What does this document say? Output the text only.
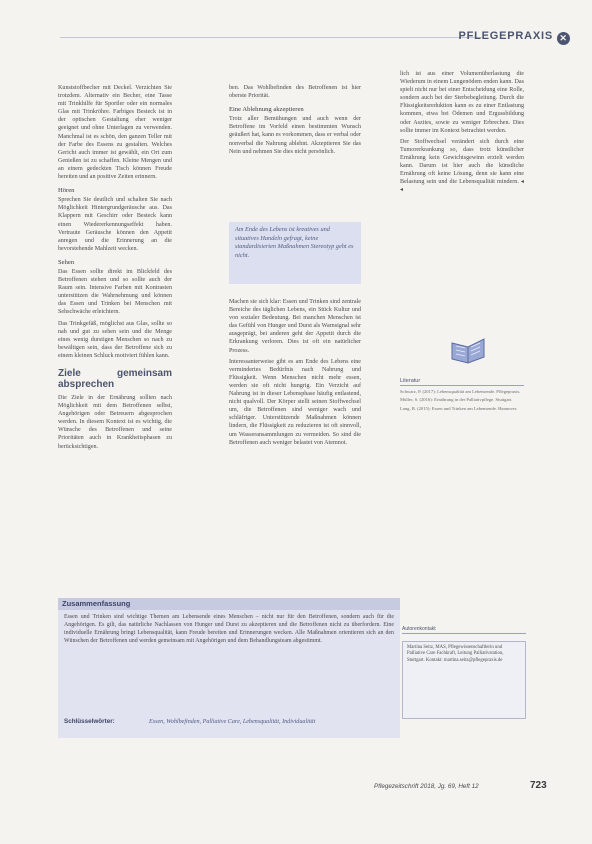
PFLEGEPRAXIS ✕

Kunststoffbecher mit Deckel. Verzichten Sie trotzdem. Alternativ ein Becher, eine Tasse mit Trinkhilfe für Sportler oder ein normales Glas mit Trinkröhre. Farbiges Besteck ist in der optischen Gestaltung eher weniger geeignet und ohne Unterlagen zu verwenden. Manchmal ist es schön, den ganzen Teller mit der Farbe des Essens zu gestalten. Welches Gericht auch immer ist gewählt, ein Ort zum Genießen ist zu schaffen. Kleine Mengen und an einem gedeckten Tisch können Freude bereiten und an positive Zeiten erinnern.

Hören

Sprechen Sie deutlich und schalten Sie nach Möglichkeit Hintergrundgeräusche aus. Das Klappern mit Geschirr oder Besteck kann einen Wiedererkennungseffekt haben. Vertraute Geräusche können den Appetit anregen und die Erinnerung an die bevorstehende Mahlzeit wecken.

Sehen

Das Essen sollte direkt im Blickfeld des Betroffenen stehen und so sollte auch der Raum sein. Intensive Farben mit Kontrasten unterstützen die Wahrnehmung und können das Essen und Trinken bei Menschen mit Sehschwäche erleichtern.

Das Trinkgefäß, möglichst aus Glas, sollte so nah und gut zu sehen sein und die Menge eines wenig durstigen Menschen so nach zu bewältigen sein, dass der Betroffene sich zu einem kleinen Schluck motiviert fühlen kann.

Ziele gemeinsam absprechen

Die Ziele in der Ernährung sollten nach Möglichkeit mit dem Betroffenen selbst, Angehörigen oder Betreuern abgesprochen werden. In diesem Kontext ist es wichtig, die Wünsche des Betroffenen und seine Prioritäten auch in Krankheitsphasen zu berücksichtigen.

ben. Das Wohlbefinden des Betroffenen ist hier oberste Priorität.

Eine Ablehnung akzeptieren

Trotz aller Bemühungen und auch wenn der Betroffene im Vorfeld einen bestimmten Wunsch geäußert hat, kann es vorkommen, dass er verbal oder nonverbal die Nahrung ablehnt. Akzeptieren Sie das Nein und nehmen Sie dies nicht persönlich.

Am Ende des Lebens ist kreatives und situatives Handeln gefragt, keine standardisierten Maßnahmen Stereotyp geht es nicht.

Machen sie sich klar: Essen und Trinken sind zentrale Bereiche des täglichen Lebens, ein Stück Kultur und von sozialer Bedeutung. Bei manchen Menschen ist das Gefühl von Hunger und Durst als Warnsignal sehr ausgeprägt, bei anderen geht der Appetit durch die Erkrankung verloren. Dies ist oft ein natürlicher Prozess.

Interessanterweise gibt es am Ende des Lebens eine vermindertes Bedürfnis nach Nahrung und Flüssigkeit. Wenn Menschen nicht mehr essen, werden sie oft nicht hungrig. Ein Verzicht auf Nahrung ist in dieser Lebensphase häufig entlastend, nicht qualvoll. Der Körper stellt seinen Stoffwechsel um, die Betroffenen sind weniger wach und schläfriger. Unterstützende Maßnahmen können lindern, die Flüssigkeit zu reduzieren ist oft sinnvoll, um Wasseransammlungen zu vermeiden. So sind die Betroffenen auch weniger belastet von Atemnot.

lich ist aus einer Volumenüberlastung die Wiederum in einem Lungenödem enden kann. Das spielt nicht nur bei einer Entscheidung eine Rolle, sondern auch bei der Sterbebegleitung. Durch die Flüssigkeitsreduktion kann es zu einer Entlastung kommen, etwa bei Ödemen und Ergussbildung oder Aszites, sowie zu weniger Erbrechen. Dies sollte immer im Kontext betrachtet werden.

Der Stoffwechsel verändert sich durch eine Tumorerkrankung so, dass trotz künstlicher Ernährung kein Gewichtsgewinn erzielt werden kann. Darum ist hier auch die künstliche Ernährung oft keine Lösung, denn sie kann eine Belastung sein und die Lebensqualität mindern. ◂ ◂

Literatur
Schwarz, P. (2017): Lebensqualität am Lebensende. Pflegepraxis.
Müller, S. (2016): Ernährung in der Palliativpflege. Stuttgart.
Lang, B. (2015): Essen und Trinken am Lebensende. Hannover.
Zusammenfassung
Essen und Trinken sind wichtige Themen am Lebensende eines Menschen – nicht nur für den Betroffenen, sondern auch für die Angehörigen. Es gilt, das natürliche Nachlassen von Hunger und Durst zu akzeptieren und die Betroffenen nicht zu überfordern. Eine individuelle Ernährung bringt Lebensqualität, kann Freude bereiten und Erinnerungen wecken. Alle Maßnahmen orientieren sich an den Wünschen der Betroffenen und werden gemeinsam mit Angehörigen und dem Behandlungsteam abgestimmt.
Schlüsselwörter:	Essen, Wohlbefinden, Palliative Care, Lebensqualität, Individualität
Autorenkontakt
Martina Seitz, MAS, Pflegewissenschaftlerin und Palliative Care Fachkraft, Leitung Palliativstation, Stuttgart. Kontakt: martina.seitz@pflegepraxis.de
Pflegezeitschrift 2018, Jg. 69, Heft 12	723
